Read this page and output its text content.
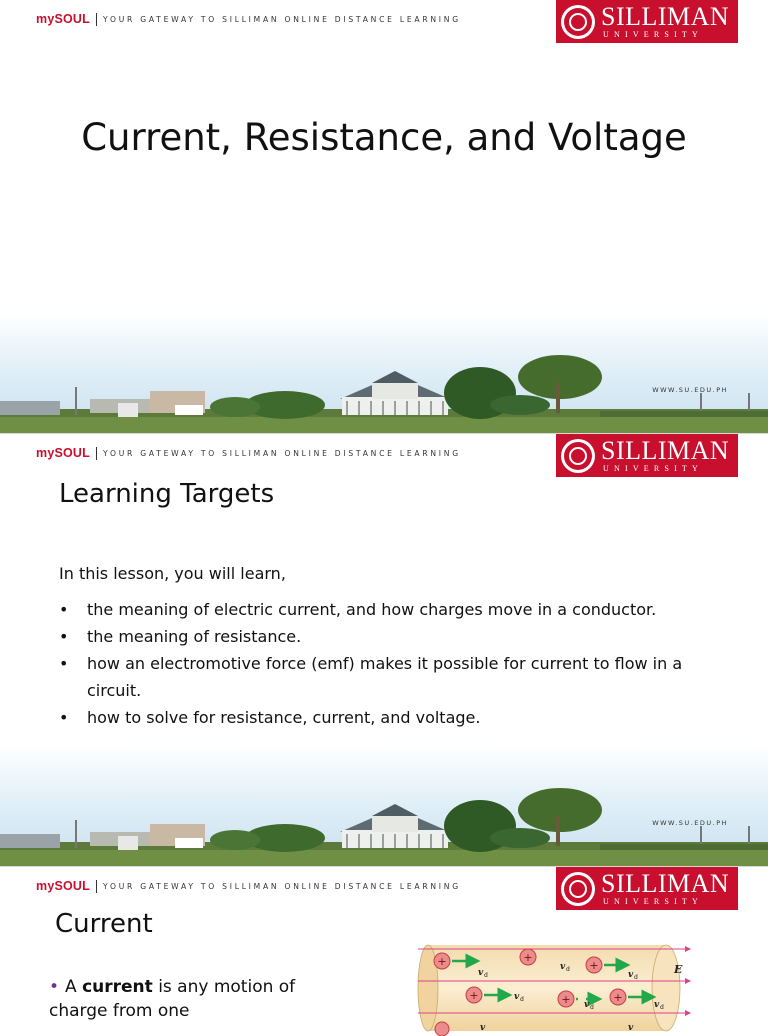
mySOUL YOUR GATEWAY TO SILLIMAN ONLINE DISTANCE LEARNING	SILLIMAN
UNIVERSITY
Current, Resistance, and Voltage
WWW.SU.EDU.PH
mySOUL YOUR GATEWAY TO SILLIMAN ONLINE DISTANCE LEARNING	SILLIMAN
UNIVERSITY
Learning Targets
In this lesson, you will learn,
• the meaning of electric current, and how charges move in a conductor.
• the meaning of resistance.
• how an electromotive force (emf) makes it possible for current to flow in a circuit.
• how to solve for resistance, current, and voltage.
WWW.SU.EDU.PH
mySOUL YOUR GATEWAY TO SILLIMAN ONLINE DISTANCE LEARNING	SILLIMAN
UNIVERSITY
Current
• A current is any motion of charge from one
E
+	+
+
v d
v d
v d
+	+	+
v d
v d	v d
v	v
